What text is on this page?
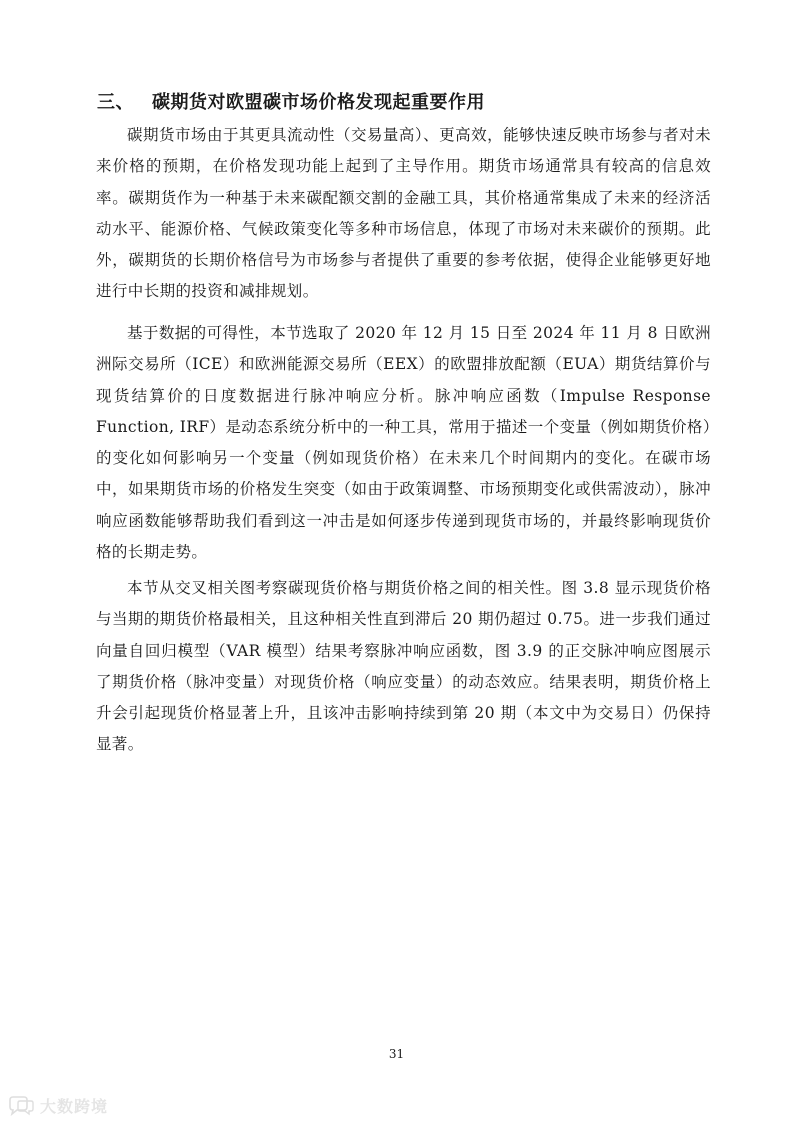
三、 碳期货对欧盟碳市场价格发现起重要作用

碳期货市场由于其更具流动性（交易量高）、更高效，能够快速反映市场参与者对未来价格的预期，在价格发现功能上起到了主导作用。期货市场通常具有较高的信息效率。碳期货作为一种基于未来碳配额交割的金融工具，其价格通常集成了未来的经济活动水平、能源价格、气候政策变化等多种市场信息，体现了市场对未来碳价的预期。此外，碳期货的长期价格信号为市场参与者提供了重要的参考依据，使得企业能够更好地进行中长期的投资和减排规划。

基于数据的可得性，本节选取了 2020 年 12 月 15 日至 2024 年 11 月 8 日欧洲洲际交易所（ICE）和欧洲能源交易所（EEX）的欧盟排放配额（EUA）期货结算价与现货结算价的日度数据进行脉冲响应分析。脉冲响应函数（Impulse Response Function, IRF）是动态系统分析中的一种工具，常用于描述一个变量（例如期货价格）的变化如何影响另一个变量（例如现货价格）在未来几个时间期内的变化。在碳市场中，如果期货市场的价格发生突变（如由于政策调整、市场预期变化或供需波动），脉冲响应函数能够帮助我们看到这一冲击是如何逐步传递到现货市场的，并最终影响现货价格的长期走势。

本节从交叉相关图考察碳现货价格与期货价格之间的相关性。图 3.8 显示现货价格与当期的期货价格最相关，且这种相关性直到滞后 20 期仍超过 0.75。进一步我们通过向量自回归模型（VAR 模型）结果考察脉冲响应函数，图 3.9 的正交脉冲响应图展示了期货价格（脉冲变量）对现货价格（响应变量）的动态效应。结果表明，期货价格上升会引起现货价格显著上升，且该冲击影响持续到第 20 期（本文中为交易日）仍保持显著。

31
大数跨境
